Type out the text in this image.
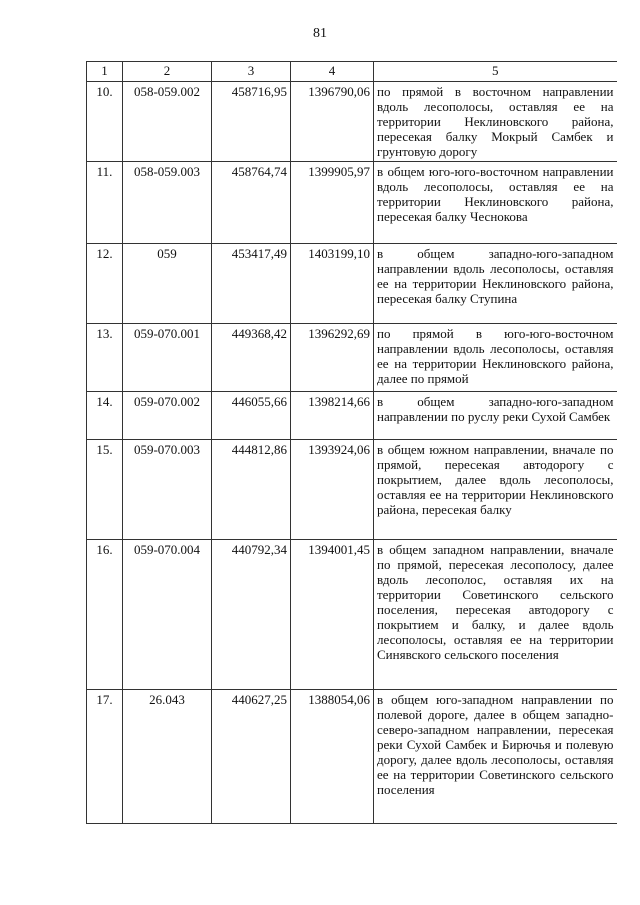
81
1	2	3	4	5
10.	058-059.002	458716,95	1396790,06	по прямой в восточном направлении вдоль лесополосы, оставляя ее на территории Неклиновского района, пересекая балку Мокрый Самбек и грунтовую дорогу
11.	058-059.003	458764,74	1399905,97	в общем юго-юго-восточном направлении вдоль лесополосы, оставляя ее на территории Неклиновского района, пересекая балку Чеснокова
12.	059	453417,49	1403199,10	в общем западно-юго-западном направлении вдоль лесополосы, оставляя ее на территории Неклиновского района, пересекая балку Ступина
13.	059-070.001	449368,42	1396292,69	по прямой в юго-юго-восточном направлении вдоль лесополосы, оставляя ее на территории Неклиновского района, далее по прямой
14.	059-070.002	446055,66	1398214,66	в общем западно-юго-западном направлении по руслу реки Сухой Самбек
15.	059-070.003	444812,86	1393924,06	в общем южном направлении, вначале по прямой, пересекая автодорогу с покрытием, далее вдоль лесополосы, оставляя ее на территории Неклиновского района, пересекая балку
16.	059-070.004	440792,34	1394001,45	в общем западном направлении, вначале по прямой, пересекая лесополосу, далее вдоль лесополос, оставляя их на территории Советинского сельского поселения, пересекая автодорогу с покрытием и балку, и далее вдоль лесополосы, оставляя ее на территории Синявского сельского поселения
17.	26.043	440627,25	1388054,06	в общем юго-западном направлении по полевой дороге, далее в общем западно-северо-западном направлении, пересекая реки Сухой Самбек и Бирючья и полевую дорогу, далее вдоль лесополосы, оставляя ее на территории Советинского сельского поселения
